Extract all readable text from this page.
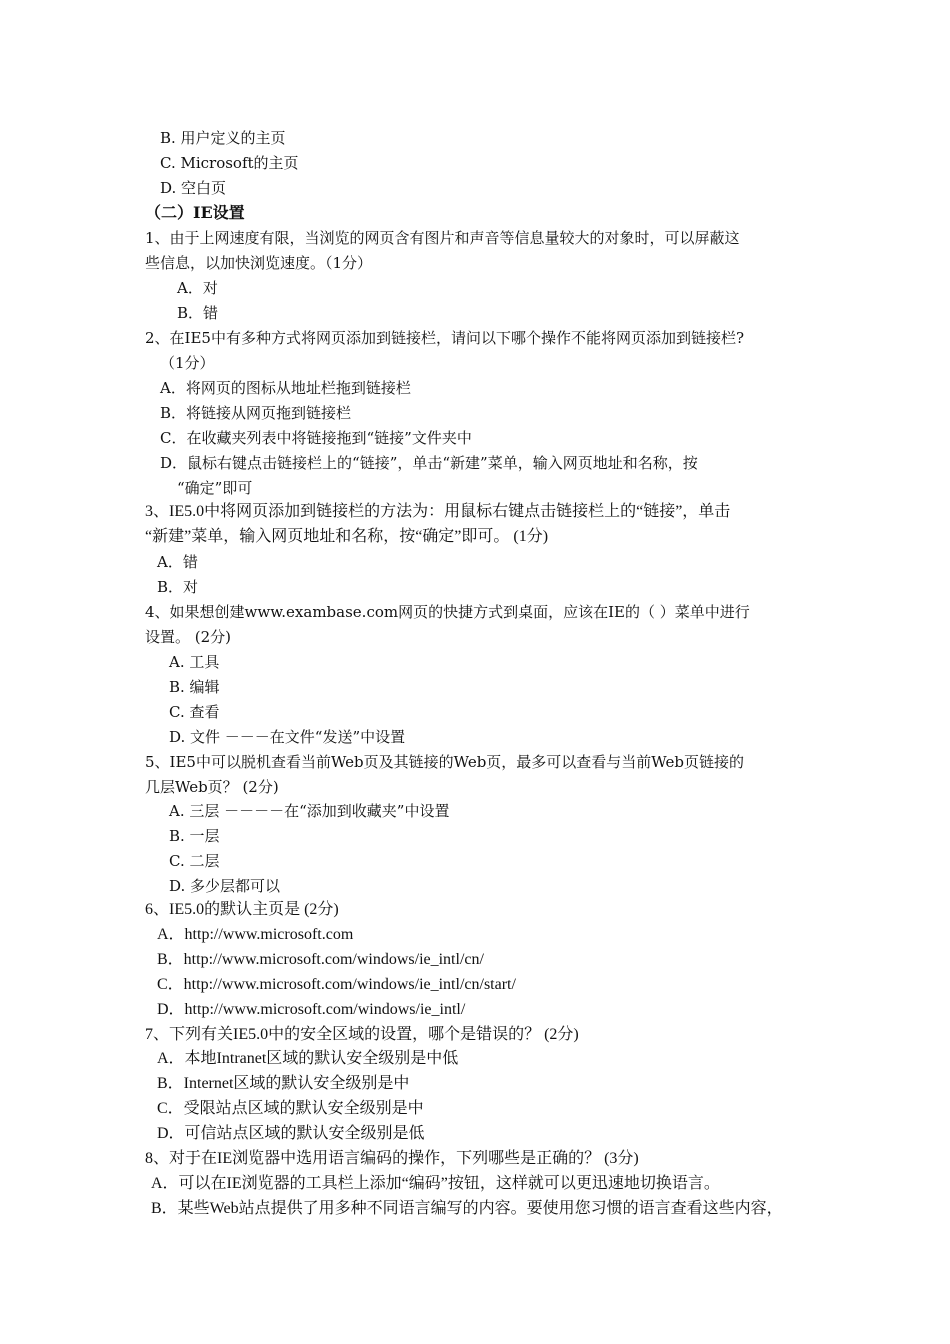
B. 用户定义的主页
C. Microsoft的主页
D. 空白页
（二）IE设置
1、由于上网速度有限，当浏览的网页含有图片和声音等信息量较大的对象时，可以屏蔽这
些信息，以加快浏览速度。（1分）
A．对
B．错
2、在IE5中有多种方式将网页添加到链接栏，请问以下哪个操作不能将网页添加到链接栏?
（1分）
A．将网页的图标从地址栏拖到链接栏
B．将链接从网页拖到链接栏
C．在收藏夹列表中将链接拖到“链接”文件夹中
D．鼠标右键点击链接栏上的“链接”，单击“新建”菜单，输入网页地址和名称，按
“确定”即可
3、IE5.0中将网页添加到链接栏的方法为：用鼠标右键点击链接栏上的“链接”，单击
“新建”菜单，输入网页地址和名称，按“确定”即可。 (1分)
A．错
B．对
4、如果想创建www.exambase.com网页的快捷方式到桌面，应该在IE的（ ）菜单中进行
设置。 (2分)
A. 工具
B. 编辑
C. 查看
D. 文件 －－－在文件“发送”中设置
5、IE5中可以脱机查看当前Web页及其链接的Web页，最多可以查看与当前Web页链接的
几层Web页？ (2分)
A. 三层 －－－－在“添加到收藏夹”中设置
B. 一层
C. 二层
D. 多少层都可以
6、IE5.0的默认主页是 (2分)
A．http://www.microsoft.com
B．http://www.microsoft.com/windows/ie_intl/cn/
C．http://www.microsoft.com/windows/ie_intl/cn/start/
D．http://www.microsoft.com/windows/ie_intl/
7、下列有关IE5.0中的安全区域的设置，哪个是错误的？ (2分)
A．本地Intranet区域的默认安全级别是中低
B．Internet区域的默认安全级别是中
C．受限站点区域的默认安全级别是中
D．可信站点区域的默认安全级别是低
8、对于在IE浏览器中选用语言编码的操作，下列哪些是正确的？ (3分)
A．可以在IE浏览器的工具栏上添加“编码”按钮，这样就可以更迅速地切换语言。
B．某些Web站点提供了用多种不同语言编写的内容。要使用您习惯的语言查看这些内容，
